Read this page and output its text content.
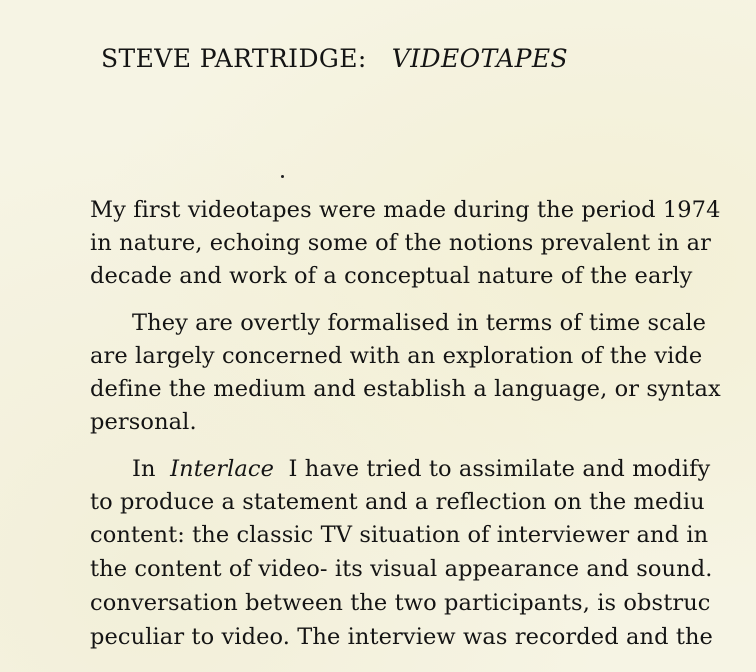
STEVE PARTRIDGE: VIDEOTAPES
My first videotapes were made during the period 1974
in nature, echoing some of the notions prevalent in ar
decade and work of a conceptual nature of the early
They are overtly formalised in terms of time scale
are largely concerned with an exploration of the vide
define the medium and establish a language, or syntax
personal.
In Interlace I have tried to assimilate and modify
to produce a statement and a reflection on the mediu
content: the classic TV situation of interviewer and in
the content of video- its visual appearance and sound.
conversation between the two participants, is obstruc
peculiar to video. The interview was recorded and the
